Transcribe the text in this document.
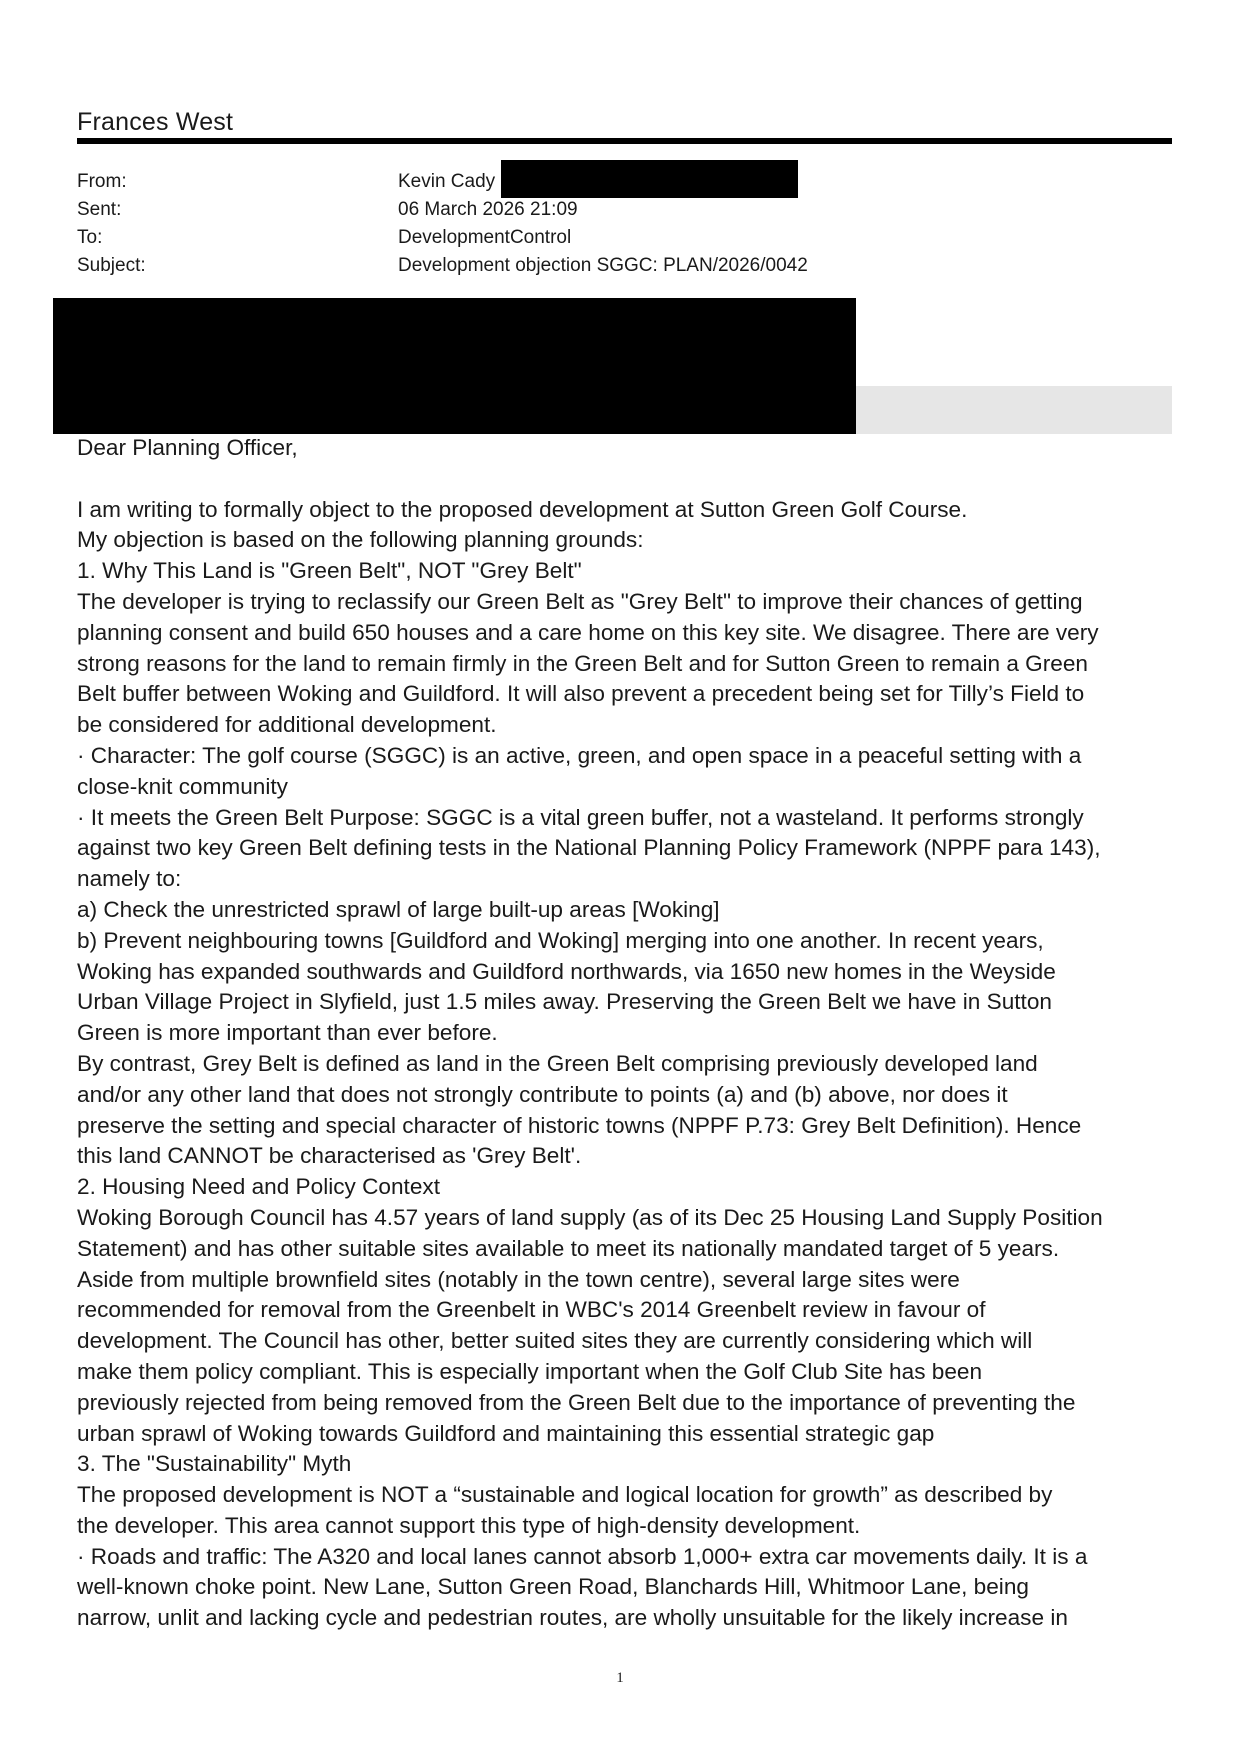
Frances West
From:	Kevin Cady
Sent:	06 March 2026 21:09
To:	DevelopmentControl
Subject:	Development objection SGGC: PLAN/2026/0042

Dear Planning Officer,

I am writing to formally object to the proposed development at Sutton Green Golf Course.

My objection is based on the following planning grounds:

1. Why This Land is "Green Belt", NOT "Grey Belt"

The developer is trying to reclassify our Green Belt as "Grey Belt" to improve their chances of getting

planning consent and build 650 houses and a care home on this key site. We disagree. There are very

strong reasons for the land to remain firmly in the Green Belt and for Sutton Green to remain a Green

Belt buffer between Woking and Guildford. It will also prevent a precedent being set for Tilly’s Field to

be considered for additional development.

· Character: The golf course (SGGC) is an active, green, and open space in a peaceful setting with a

close-knit community

· It meets the Green Belt Purpose: SGGC is a vital green buffer, not a wasteland. It performs strongly

against two key Green Belt defining tests in the National Planning Policy Framework (NPPF para 143),

namely to:

a) Check the unrestricted sprawl of large built-up areas [Woking]

b) Prevent neighbouring towns [Guildford and Woking] merging into one another. In recent years,

Woking has expanded southwards and Guildford northwards, via 1650 new homes in the Weyside

Urban Village Project in Slyfield, just 1.5 miles away. Preserving the Green Belt we have in Sutton

Green is more important than ever before.

By contrast, Grey Belt is defined as land in the Green Belt comprising previously developed land

and/or any other land that does not strongly contribute to points (a) and (b) above, nor does it

preserve the setting and special character of historic towns (NPPF P.73: Grey Belt Definition). Hence

this land CANNOT be characterised as 'Grey Belt'.

2. Housing Need and Policy Context

Woking Borough Council has 4.57 years of land supply (as of its Dec 25 Housing Land Supply Position

Statement) and has other suitable sites available to meet its nationally mandated target of 5 years.

Aside from multiple brownfield sites (notably in the town centre), several large sites were

recommended for removal from the Greenbelt in WBC's 2014 Greenbelt review in favour of

development. The Council has other, better suited sites they are currently considering which will

make them policy compliant. This is especially important when the Golf Club Site has been

previously rejected from being removed from the Green Belt due to the importance of preventing the

urban sprawl of Woking towards Guildford and maintaining this essential strategic gap

3. The "Sustainability" Myth

The proposed development is NOT a “sustainable and logical location for growth” as described by

the developer. This area cannot support this type of high-density development.

· Roads and traffic: The A320 and local lanes cannot absorb 1,000+ extra car movements daily. It is a

well-known choke point. New Lane, Sutton Green Road, Blanchards Hill, Whitmoor Lane, being

narrow, unlit and lacking cycle and pedestrian routes, are wholly unsuitable for the likely increase in

1
